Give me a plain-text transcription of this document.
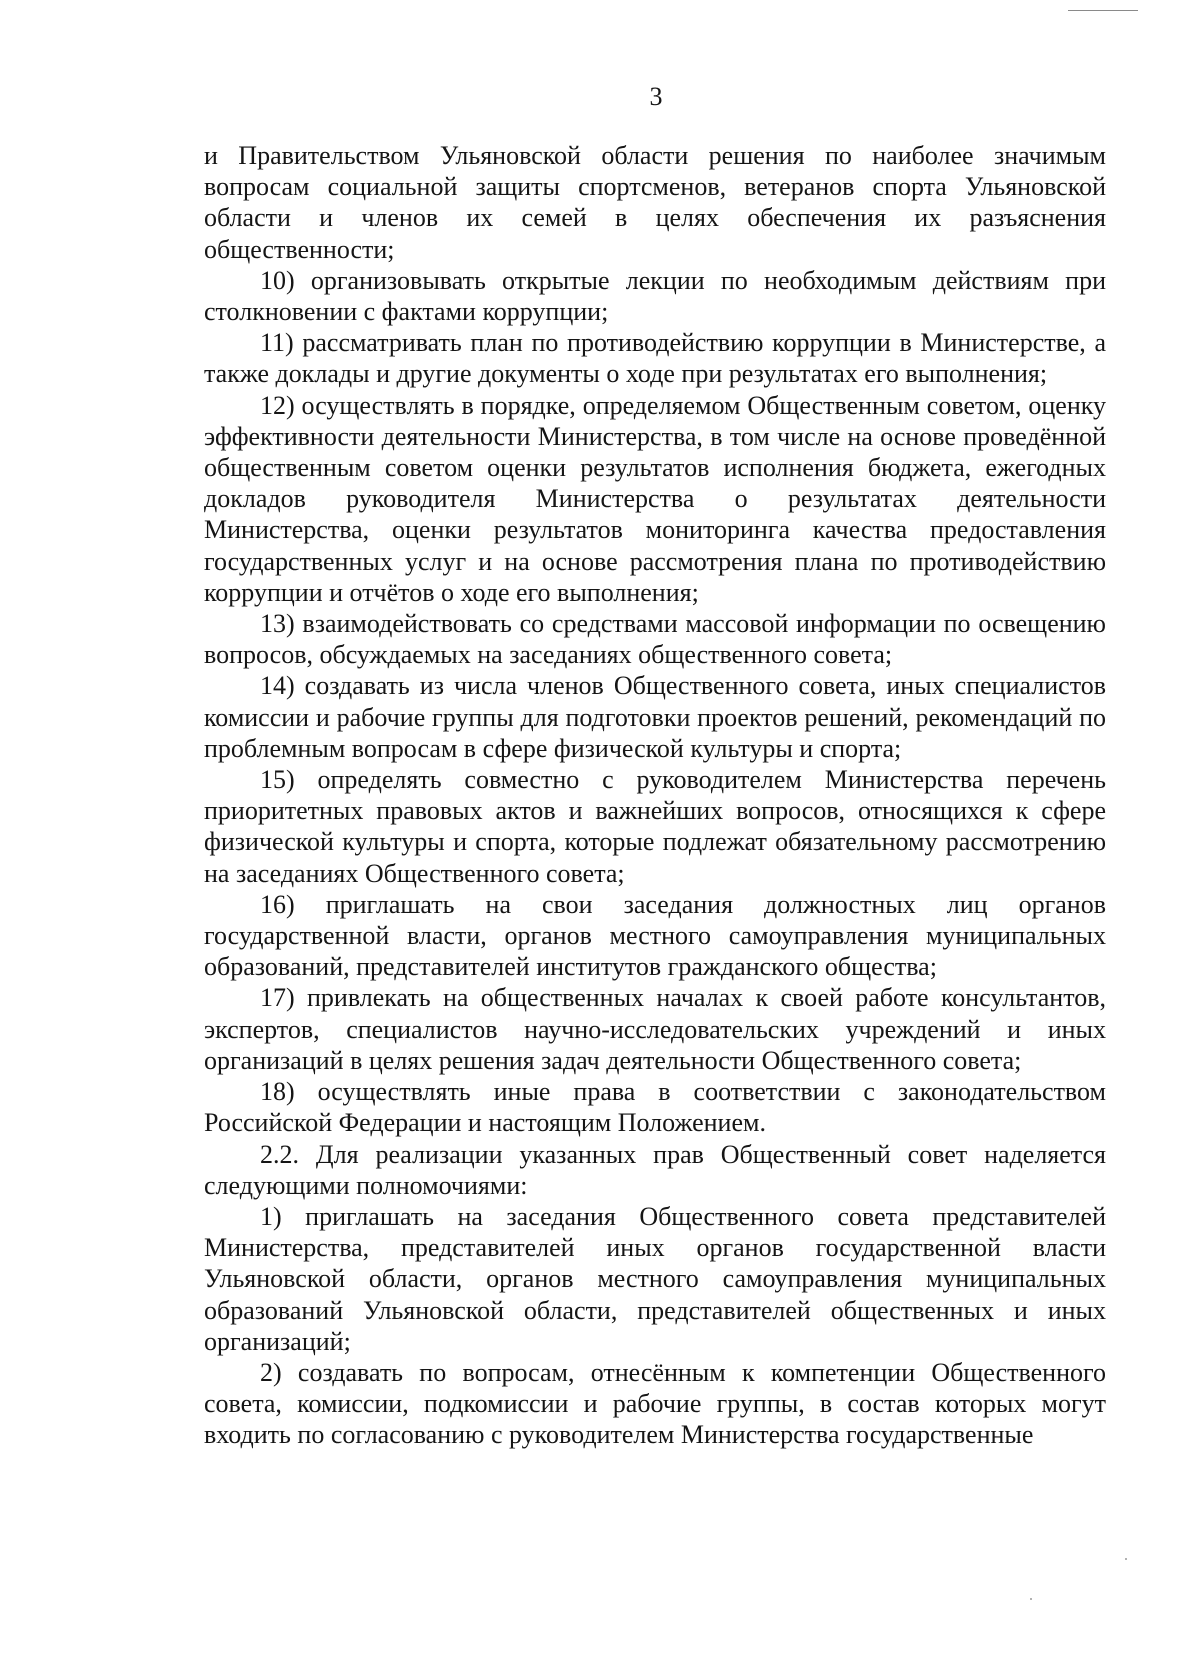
3

и Правительством Ульяновской области решения по наиболее значимым вопросам социальной защиты спортсменов, ветеранов спорта Ульяновской области и членов их семей в целях обеспечения их разъяснения общественности;

10) организовывать открытые лекции по необходимым действиям при столкновении с фактами коррупции;

11) рассматривать план по противодействию коррупции в Министерстве, а также доклады и другие документы о ходе при результатах его выполнения;

12) осуществлять в порядке, определяемом Общественным советом, оценку эффективности деятельности Министерства, в том числе на основе проведённой общественным советом оценки результатов исполнения бюджета, ежегодных докладов руководителя Министерства о результатах деятельности Министерства, оценки результатов мониторинга качества предоставления государственных услуг и на основе рассмотрения плана по противодействию коррупции и отчётов о ходе его выполнения;

13) взаимодействовать со средствами массовой информации по освещению вопросов, обсуждаемых на заседаниях общественного совета;

14) создавать из числа членов Общественного совета, иных специалистов комиссии и рабочие группы для подготовки проектов решений, рекомендаций по проблемным вопросам в сфере физической культуры и спорта;

15) определять совместно с руководителем Министерства перечень приоритетных правовых актов и важнейших вопросов, относящихся к сфере физической культуры и спорта, которые подлежат обязательному рассмотрению на заседаниях Общественного совета;

16) приглашать на свои заседания должностных лиц органов государственной власти, органов местного самоуправления муниципальных образований, представителей институтов гражданского общества;

17) привлекать на общественных началах к своей работе консультантов, экспертов, специалистов научно-исследовательских учреждений и иных организаций в целях решения задач деятельности Общественного совета;

18) осуществлять иные права в соответствии с законодательством Российской Федерации и настоящим Положением.

2.2. Для реализации указанных прав Общественный совет наделяется следующими полномочиями:

1) приглашать на заседания Общественного совета представителей Министерства, представителей иных органов государственной власти Ульяновской области, органов местного самоуправления муниципальных образований Ульяновской области, представителей общественных и иных организаций;

2) создавать по вопросам, отнесённым к компетенции Общественного совета, комиссии, подкомиссии и рабочие группы, в состав которых могут входить по согласованию с руководителем Министерства государственные
